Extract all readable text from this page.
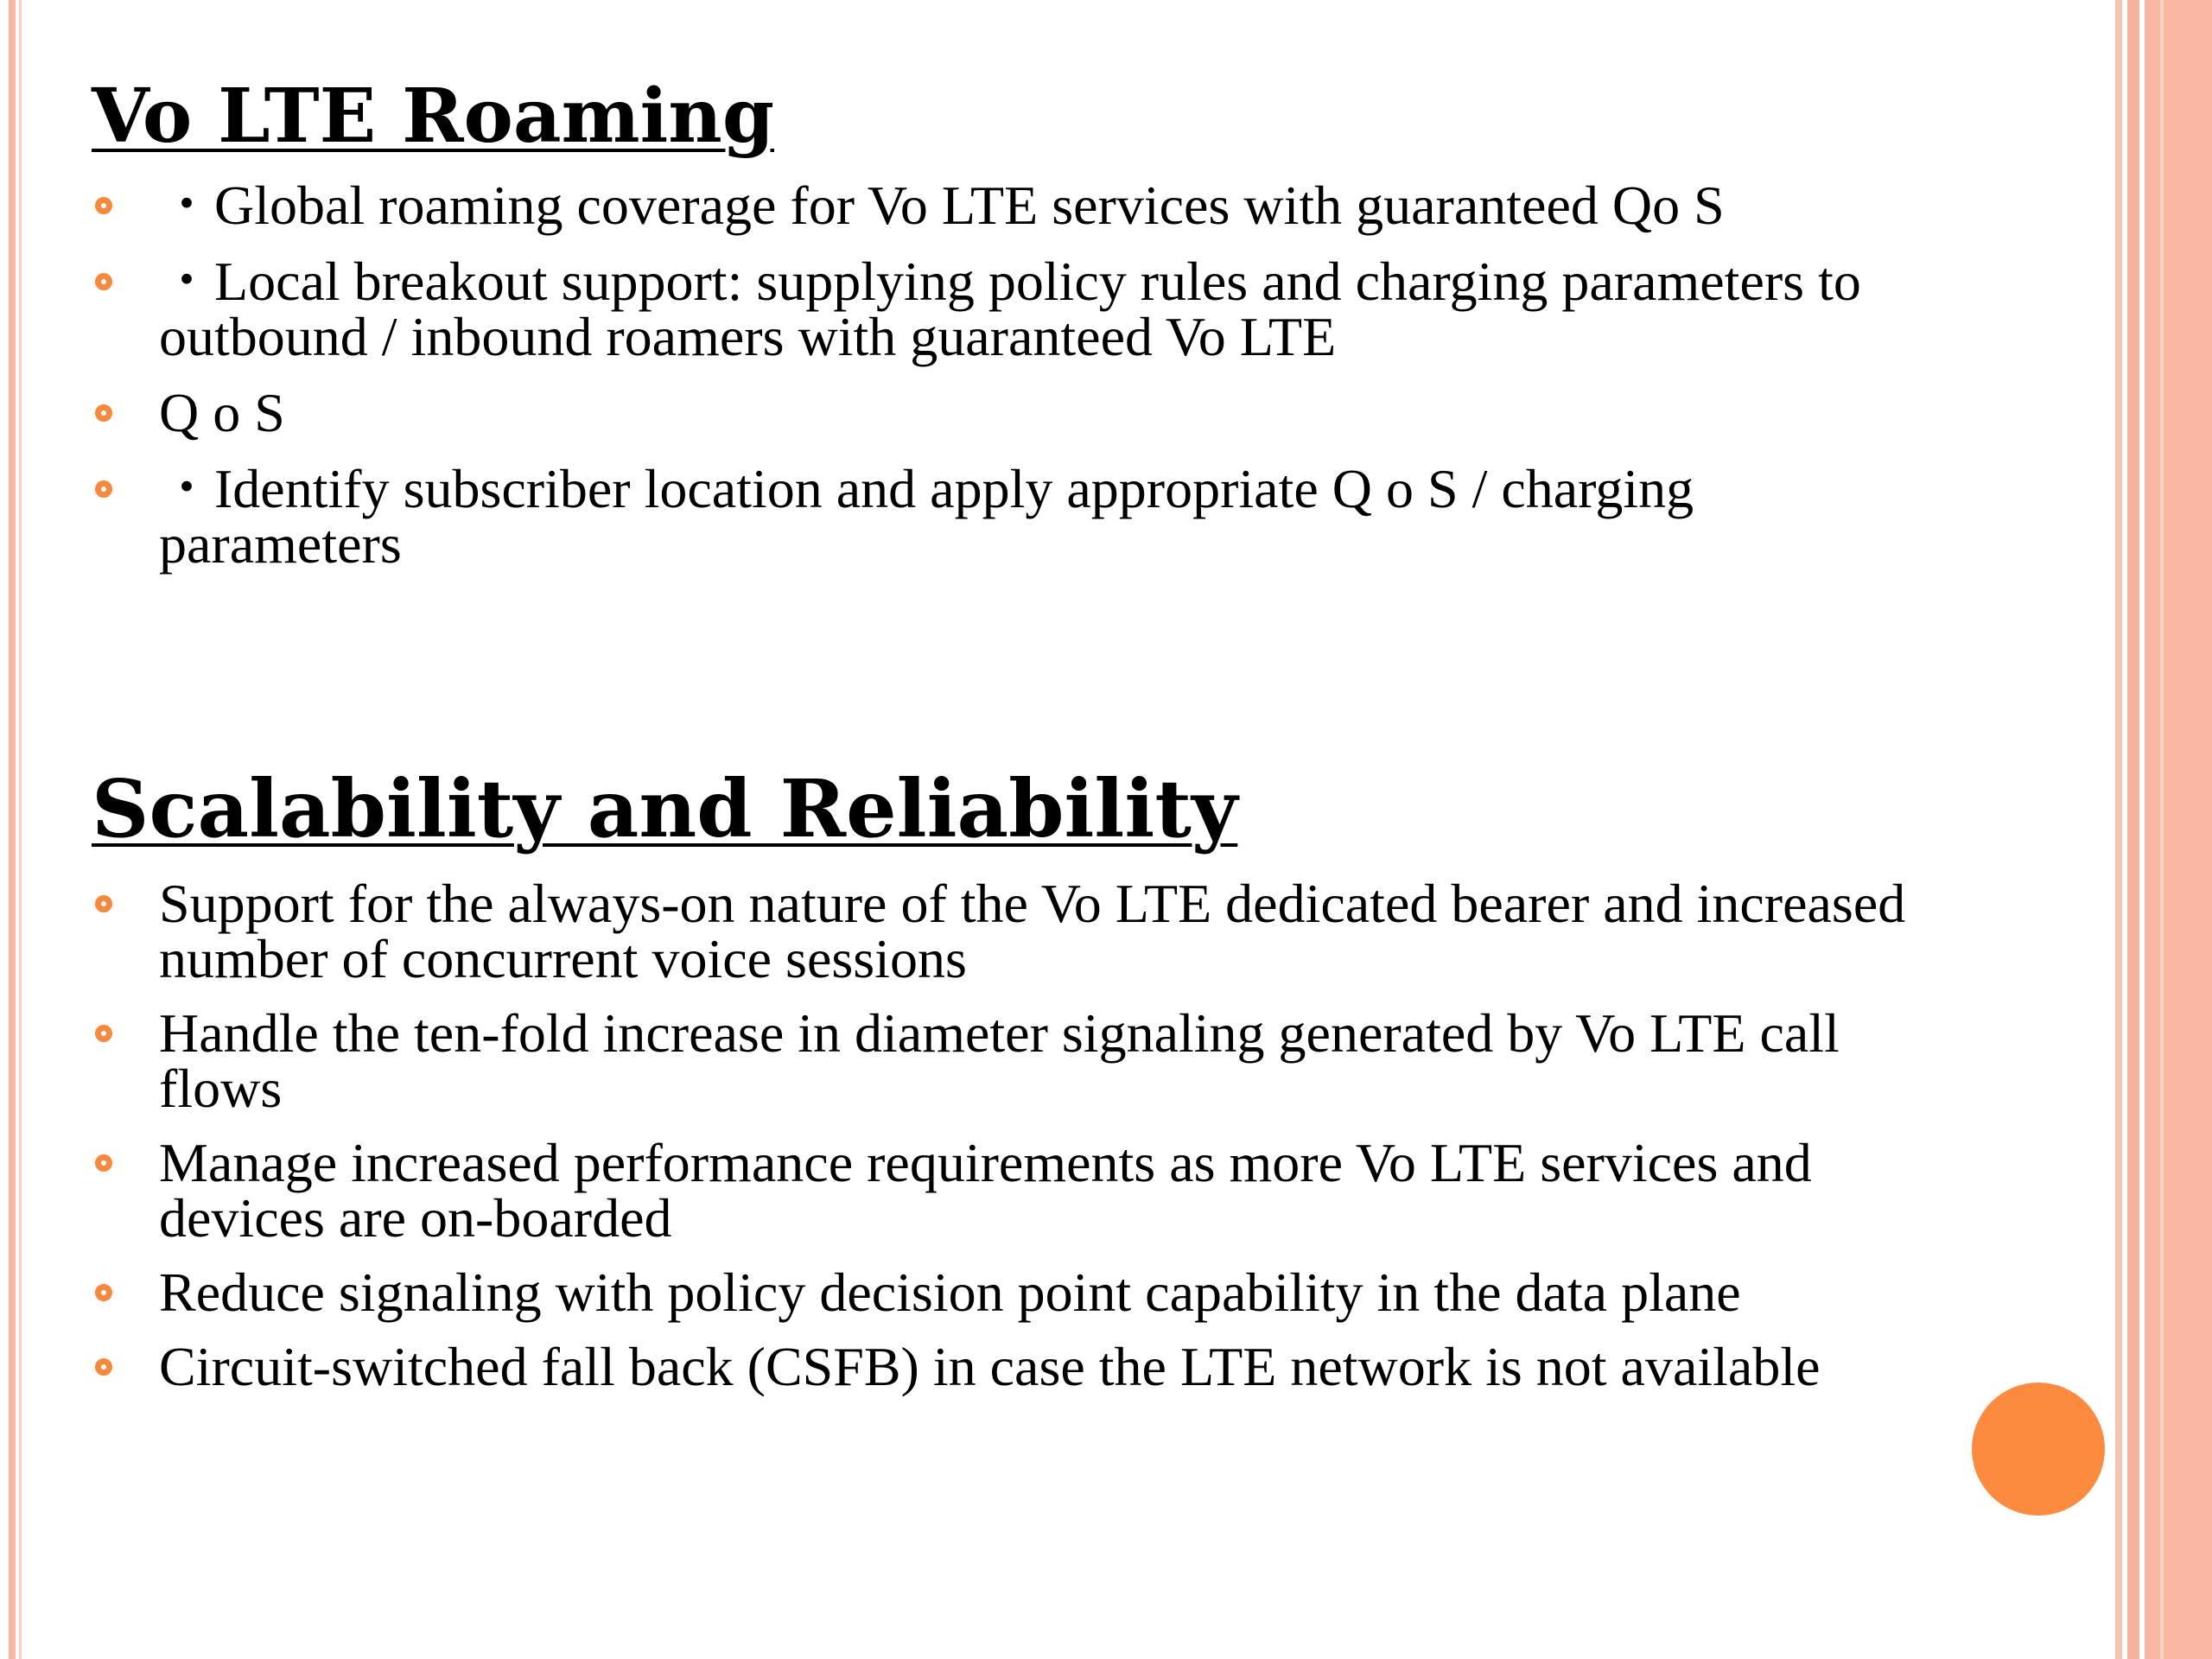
Vo LTE Roaming
・Global roaming coverage for Vo LTE services with guaranteed Qo S
・Local breakout support: supplying policy rules and charging parameters to outbound / inbound roamers with guaranteed Vo LTE
Q o S
・Identify subscriber location and apply appropriate Q o S / charging parameters
Scalability and Reliability
Support for the always-on nature of the Vo LTE dedicated bearer and increased number of concurrent voice sessions
Handle the ten-fold increase in diameter signaling generated by Vo LTE call flows
Manage increased performance requirements as more Vo LTE services and devices are on-boarded
Reduce signaling with policy decision point capability in the data plane
Circuit-switched fall back (CSFB) in case the LTE network is not available
